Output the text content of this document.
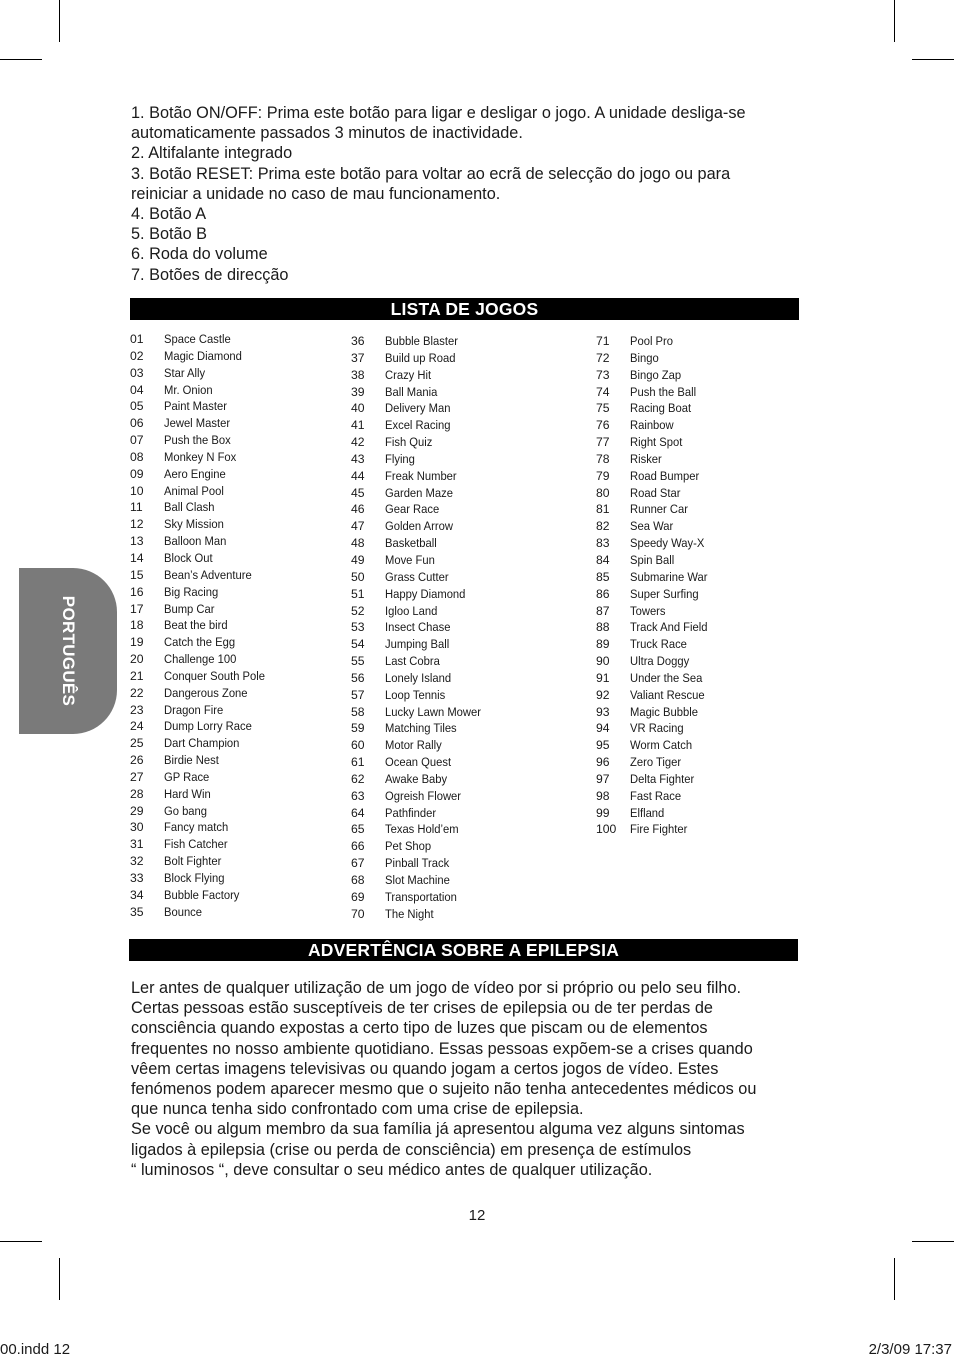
1. Botão ON/OFF: Prima este botão para ligar e desligar o jogo. A unidade desliga-se
automaticamente passados 3 minutos de inactividade.
2. Altifalante integrado
3. Botão RESET: Prima este botão para voltar ao ecrã de selecção do jogo ou para
reiniciar a unidade no caso de mau funcionamento.
4. Botão A
5. Botão B
6. Roda do volume
7. Botões de direcção
LISTA DE JOGOS
01 Space Castle
02 Magic Diamond
03 Star Ally
04 Mr. Onion
05 Paint Master
06 Jewel Master
07 Push the Box
08 Monkey N Fox
09 Aero Engine
10 Animal Pool
11 Ball Clash
12 Sky Mission
13 Balloon Man
14 Block Out
15 Bean’s Adventure
16 Big Racing
17 Bump Car
18 Beat the bird
19 Catch the Egg
20 Challenge 100
21 Conquer South Pole
22 Dangerous Zone
23 Dragon Fire
24 Dump Lorry Race
25 Dart Champion
26 Birdie Nest
27 GP Race
28 Hard Win
29 Go bang
30 Fancy match
31 Fish Catcher
32 Bolt Fighter
33 Block Flying
34 Bubble Factory
35 Bounce
36 Bubble Blaster
37 Build up Road
38 Crazy Hit
39 Ball Mania
40 Delivery Man
41 Excel Racing
42 Fish Quiz
43 Flying
44 Freak Number
45 Garden Maze
46 Gear Race
47 Golden Arrow
48 Basketball
49 Move Fun
50 Grass Cutter
51 Happy Diamond
52 Igloo Land
53 Insect Chase
54 Jumping Ball
55 Last Cobra
56 Lonely Island
57 Loop Tennis
58 Lucky Lawn Mower
59 Matching Tiles
60 Motor Rally
61 Ocean Quest
62 Awake Baby
63 Ogreish Flower
64 Pathfinder
65 Texas Hold’em
66 Pet Shop
67 Pinball Track
68 Slot Machine
69 Transportation
70 The Night
71 Pool Pro
72 Bingo
73 Bingo Zap
74 Push the Ball
75 Racing Boat
76 Rainbow
77 Right Spot
78 Risker
79 Road Bumper
80 Road Star
81 Runner Car
82 Sea War
83 Speedy Way-X
84 Spin Ball
85 Submarine War
86 Super Surfing
87 Towers
88 Track And Field
89 Truck Race
90 Ultra Doggy
91 Under the Sea
92 Valiant Rescue
93 Magic Bubble
94 VR Racing
95 Worm Catch
96 Zero Tiger
97 Delta Fighter
98 Fast Race
99 Elfland
100 Fire Fighter
PORTUGUÊS
ADVERTÊNCIA SOBRE A EPILEPSIA
Ler antes de qualquer utilização de um jogo de vídeo por si próprio ou pelo seu filho.
Certas pessoas estão susceptíveis de ter crises de epilepsia ou de ter perdas de
consciência quando expostas a certo tipo de luzes que piscam ou de elementos
frequentes no nosso ambiente quotidiano. Essas pessoas expõem-se a crises quando
vêem certas imagens televisivas ou quando jogam a certos jogos de vídeo. Estes
fenómenos podem aparecer mesmo que o sujeito não tenha antecedentes médicos ou
que nunca tenha sido confrontado com uma crise de epilepsia.
Se você ou algum membro da sua família já apresentou alguma vez alguns sintomas
ligados à epilepsia (crise ou perda de consciência) em presença de estímulos
“ luminosos “, deve consultar o seu médico antes de qualquer utilização.
12
00.indd 12	2/3/09 17:37
